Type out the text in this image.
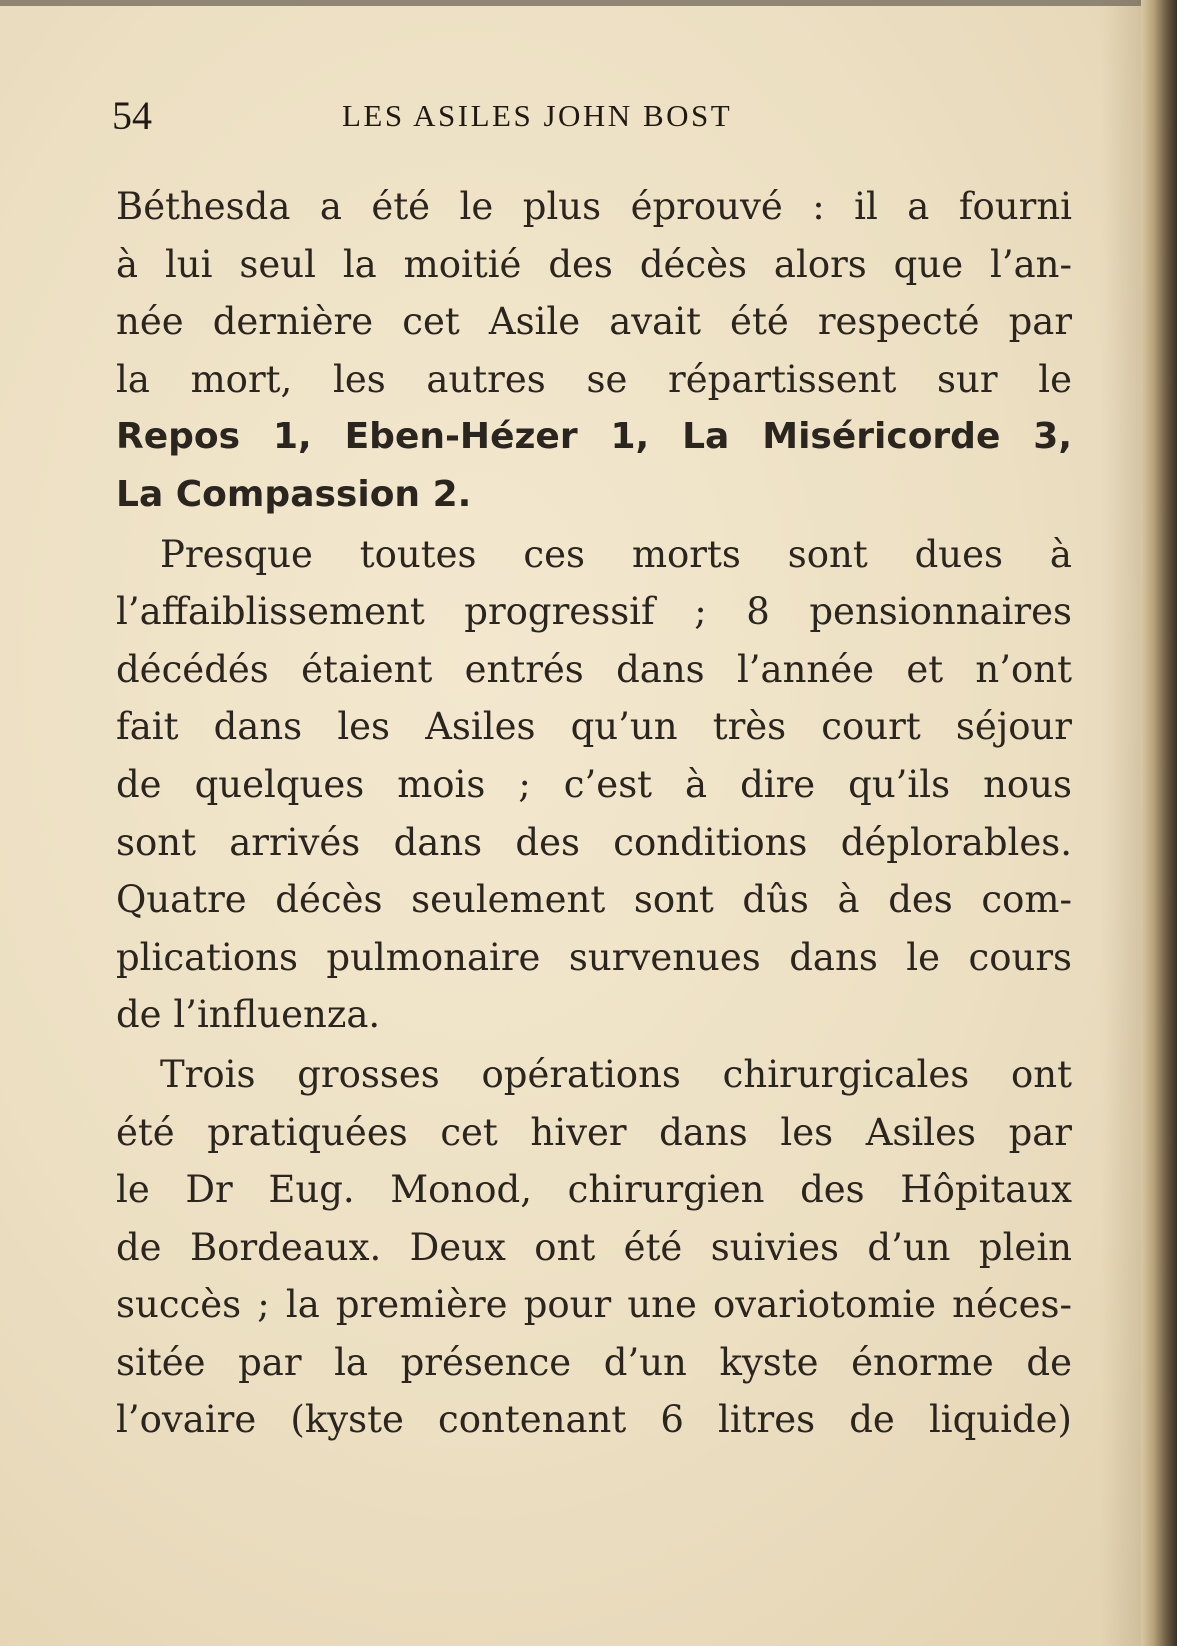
54	LES ASILES JOHN BOST
Béthesda a été le plus éprouvé : il a fourni
à lui seul la moitié des décès alors que l’an-
née dernière cet Asile avait été respecté par
la mort, les autres se répartissent sur le
Repos 1, Eben-Hézer 1, La Miséricorde 3,
La Compassion 2.
Presque toutes ces morts sont dues à
l’affaiblissement progressif ; 8 pensionnaires
décédés étaient entrés dans l’année et n’ont
fait dans les Asiles qu’un très court séjour
de quelques mois ; c’est à dire qu’ils nous
sont arrivés dans des conditions déplorables.
Quatre décès seulement sont dûs à des com-
plications pulmonaire survenues dans le cours
de l’influenza.
Trois grosses opérations chirurgicales ont
été pratiquées cet hiver dans les Asiles par
le Dr Eug. Monod, chirurgien des Hôpitaux
de Bordeaux. Deux ont été suivies d’un plein
succès ; la première pour une ovariotomie néces-
sitée par la présence d’un kyste énorme de
l’ovaire (kyste contenant 6 litres de liquide)
